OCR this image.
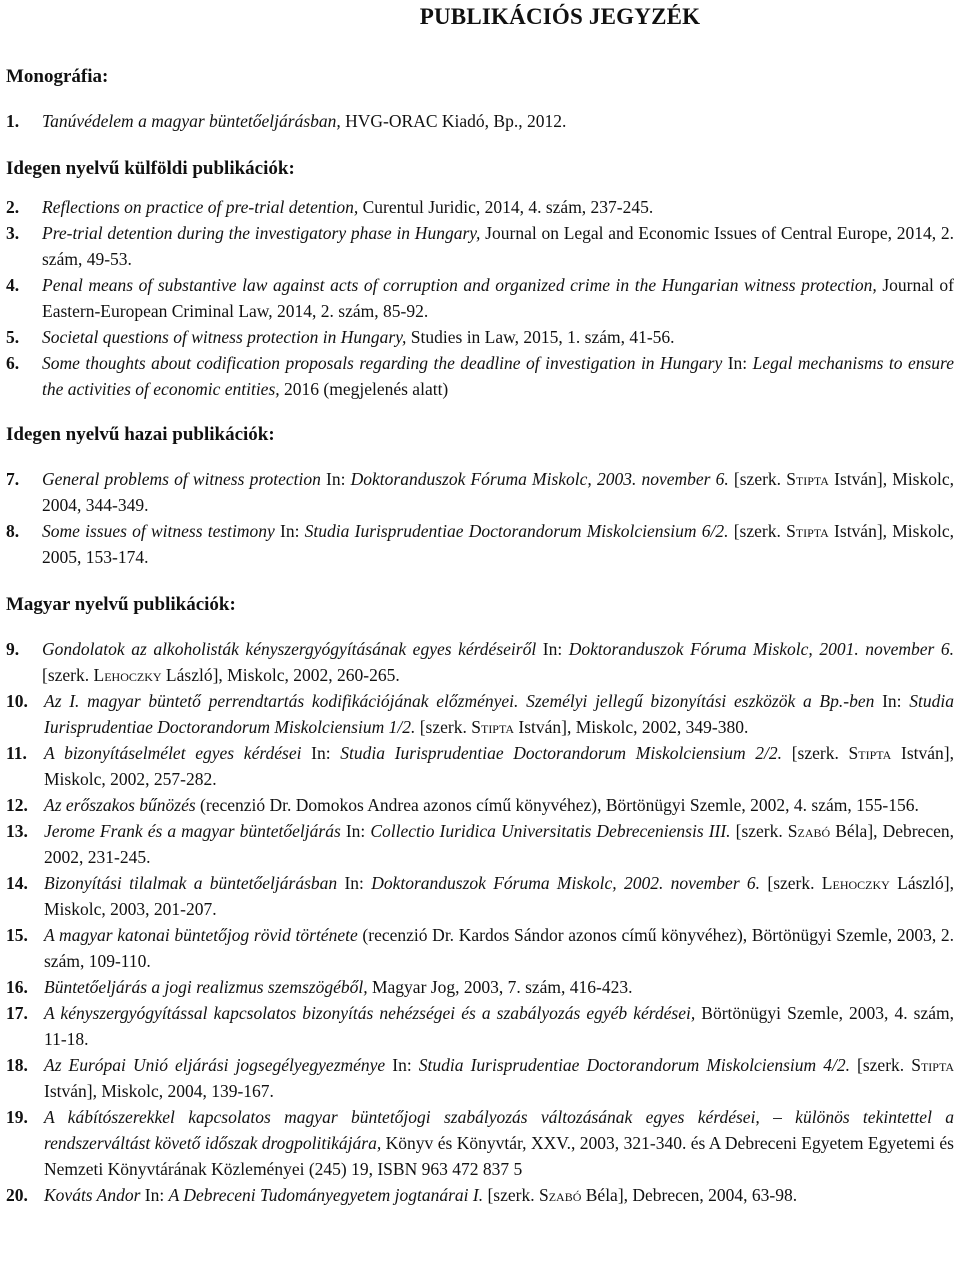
PUBLIKÁCIÓS JEGYZÉK
Monográfia:
1.	Tanúvédelem a magyar büntetőeljárásban, HVG-ORAC Kiadó, Bp., 2012.
Idegen nyelvű külföldi publikációk:
2.	Reflections on practice of pre-trial detention, Curentul Juridic, 2014, 4. szám, 237-245.
3.	Pre-trial detention during the investigatory phase in Hungary, Journal on Legal and Economic Issues of Central Europe, 2014, 2. szám, 49-53.
4.	Penal means of substantive law against acts of corruption and organized crime in the Hungarian witness protection, Journal of Eastern-European Criminal Law, 2014, 2. szám, 85-92.
5.	Societal questions of witness protection in Hungary, Studies in Law, 2015, 1. szám, 41-56.
6.	Some thoughts about codification proposals regarding the deadline of investigation in Hungary In: Legal mechanisms to ensure the activities of economic entities, 2016 (megjelenés alatt)
Idegen nyelvű hazai publikációk:
7.	General problems of witness protection In: Doktoranduszok Fóruma Miskolc, 2003. november 6. [szerk. Stipta István], Miskolc, 2004, 344-349.
8.	Some issues of witness testimony In: Studia Iurisprudentiae Doctorandorum Miskolciensium 6/2. [szerk. Stipta István], Miskolc, 2005, 153-174.
Magyar nyelvű publikációk:
9.	Gondolatok az alkoholisták kényszergyógyításának egyes kérdéseiről In: Doktoranduszok Fóruma Miskolc, 2001. november 6. [szerk. Lehoczky László], Miskolc, 2002, 260-265.
10. Az I. magyar büntető perrendtartás kodifikációjának előzményei. Személyi jellegű bizonyítási eszközök a Bp.-ben In: Studia Iurisprudentiae Doctorandorum Miskolciensium 1/2. [szerk. Stipta István], Miskolc, 2002, 349-380.
11. A bizonyításelmélet egyes kérdései In: Studia Iurisprudentiae Doctorandorum Miskolciensium 2/2. [szerk. Stipta István], Miskolc, 2002, 257-282.
12. Az erőszakos bűnözés (recenzió Dr. Domokos Andrea azonos című könyvéhez), Börtönügyi Szemle, 2002, 4. szám, 155-156.
13. Jerome Frank és a magyar büntetőeljárás In: Collectio Iuridica Universitatis Debreceniensis III. [szerk. Szabó Béla], Debrecen, 2002, 231-245.
14. Bizonyítási tilalmak a büntetőeljárásban In: Doktoranduszok Fóruma Miskolc, 2002. november 6. [szerk. Lehoczky László], Miskolc, 2003, 201-207.
15. A magyar katonai büntetőjog rövid története (recenzió Dr. Kardos Sándor azonos című könyvéhez), Börtönügyi Szemle, 2003, 2. szám, 109-110.
16. Büntetőeljárás a jogi realizmus szemszögéből, Magyar Jog, 2003, 7. szám, 416-423.
17. A kényszergyógyítással kapcsolatos bizonyítás nehézségei és a szabályozás egyéb kérdései, Börtönügyi Szemle, 2003, 4. szám, 11-18.
18. Az Európai Unió eljárási jogsegélyegyezménye In: Studia Iurisprudentiae Doctorandorum Miskolciensium 4/2. [szerk. Stipta István], Miskolc, 2004, 139-167.
19. A kábítószerekkel kapcsolatos magyar büntetőjogi szabályozás változásának egyes kérdései, – különös tekintettel a rendszerváltást követő időszak drogpolitikájára, Könyv és Könyvtár, XXV., 2003, 321-340. és A Debreceni Egyetem Egyetemi és Nemzeti Könyvtárának Közleményei (245) 19, ISBN 963 472 837 5
20. Kováts Andor In: A Debreceni Tudományegyetem jogtanárai I. [szerk. Szabó Béla], Debrecen, 2004, 63-98.
